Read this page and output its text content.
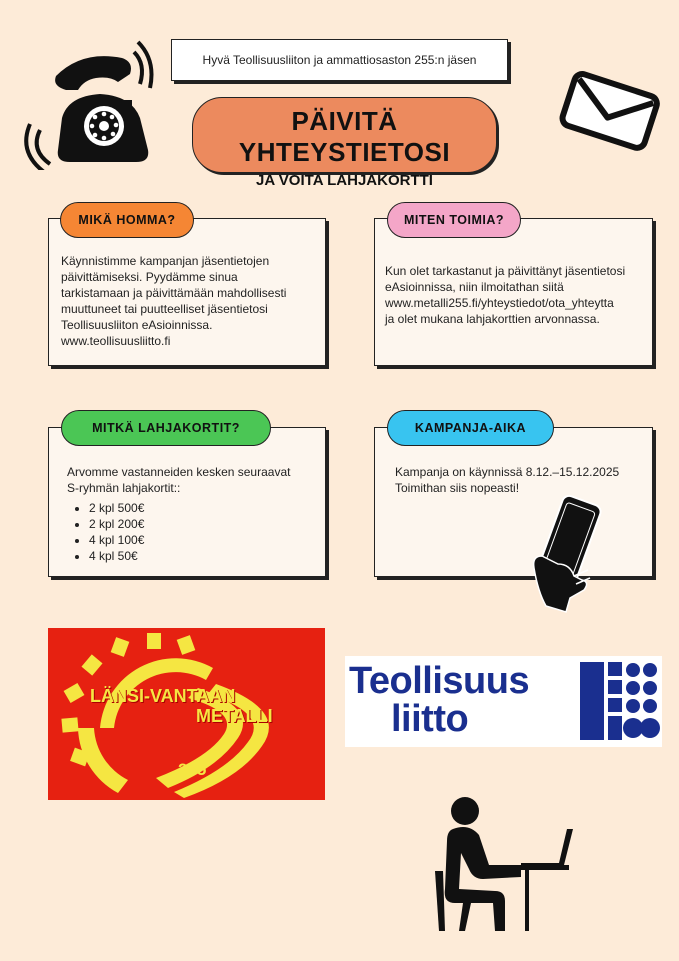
Hyvä Teollisuusliiton ja ammattiosaston 255:n jäsen
PÄIVITÄ YHTEYSTIETOSI
JA VOITA LAHJAKORTTI
Käynnistimme kampanjan jäsentietojen
päivittämiseksi. Pyydämme sinua
tarkistamaan ja päivittämään mahdollisesti
muuttuneet tai puutteelliset jäsentietosi
Teollisuusliiton eAsioinnissa.
www.teollisuusliitto.fi
MIKÄ HOMMA?
Kun olet tarkastanut ja päivittänyt jäsentietosi
eAsioinnissa, niin ilmoitathan siitä
www.metalli255.fi/yhteystiedot/ota_yhteytta
ja olet mukana lahjakorttien arvonnassa.
MITEN TOIMIA?
Arvomme vastanneiden kesken seuraavat
S-ryhmän lahjakortit::
• 2 kpl 500€
• 2 kpl 200€
• 4 kpl 100€
• 4 kpl 50€
MITKÄ LAHJAKORTIT?
Kampanja on käynnissä 8.12.–15.12.2025
Toimithan siis nopeasti!
KAMPANJA-AIKA
LÄNSI-VANTAAN
METALLI
255
Teollisuus
liitto
